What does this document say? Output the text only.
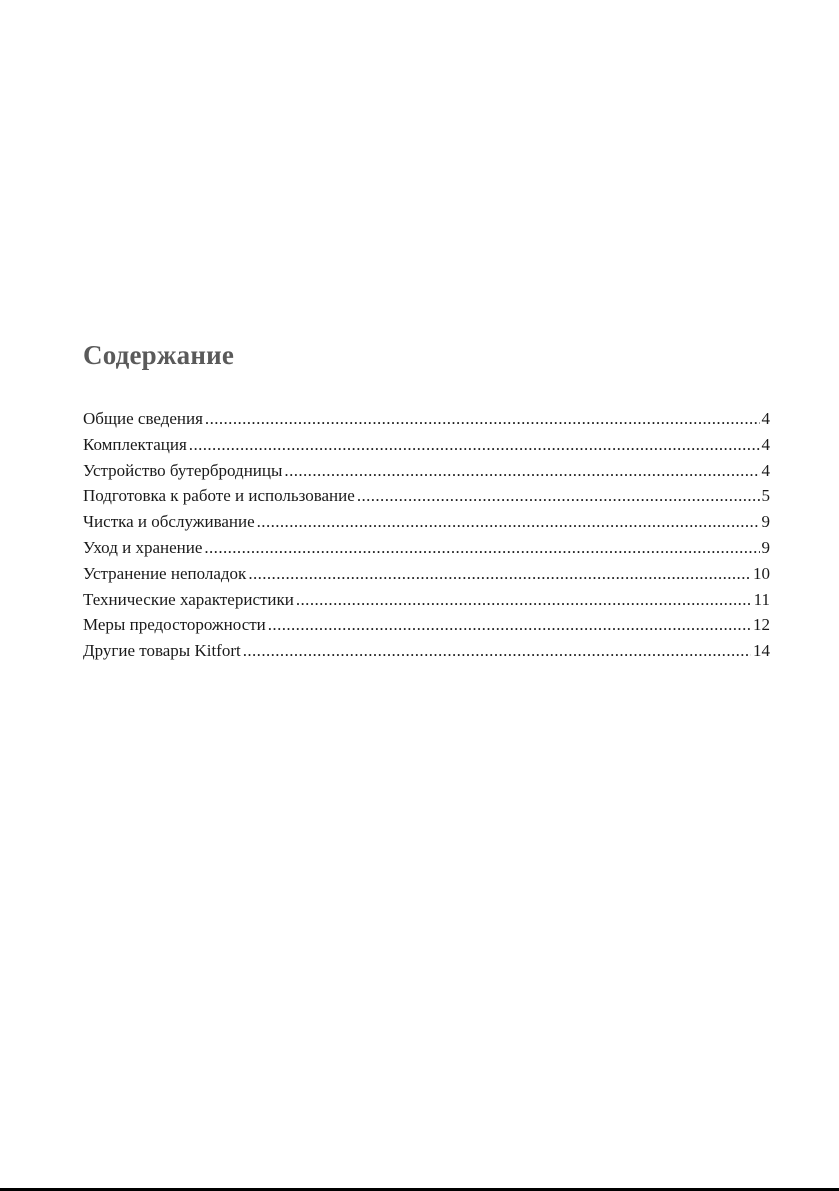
Содержание
Общие сведения .....	4
Комплектация .....	4
Устройство бутербродницы .....	4
Подготовка к работе и использование .....	5
Чистка и обслуживание .....	9
Уход и хранение .....	9
Устранение неполадок .....	10
Технические характеристики .....	11
Меры предосторожности .....	12
Другие товары Kitfort .....	14
